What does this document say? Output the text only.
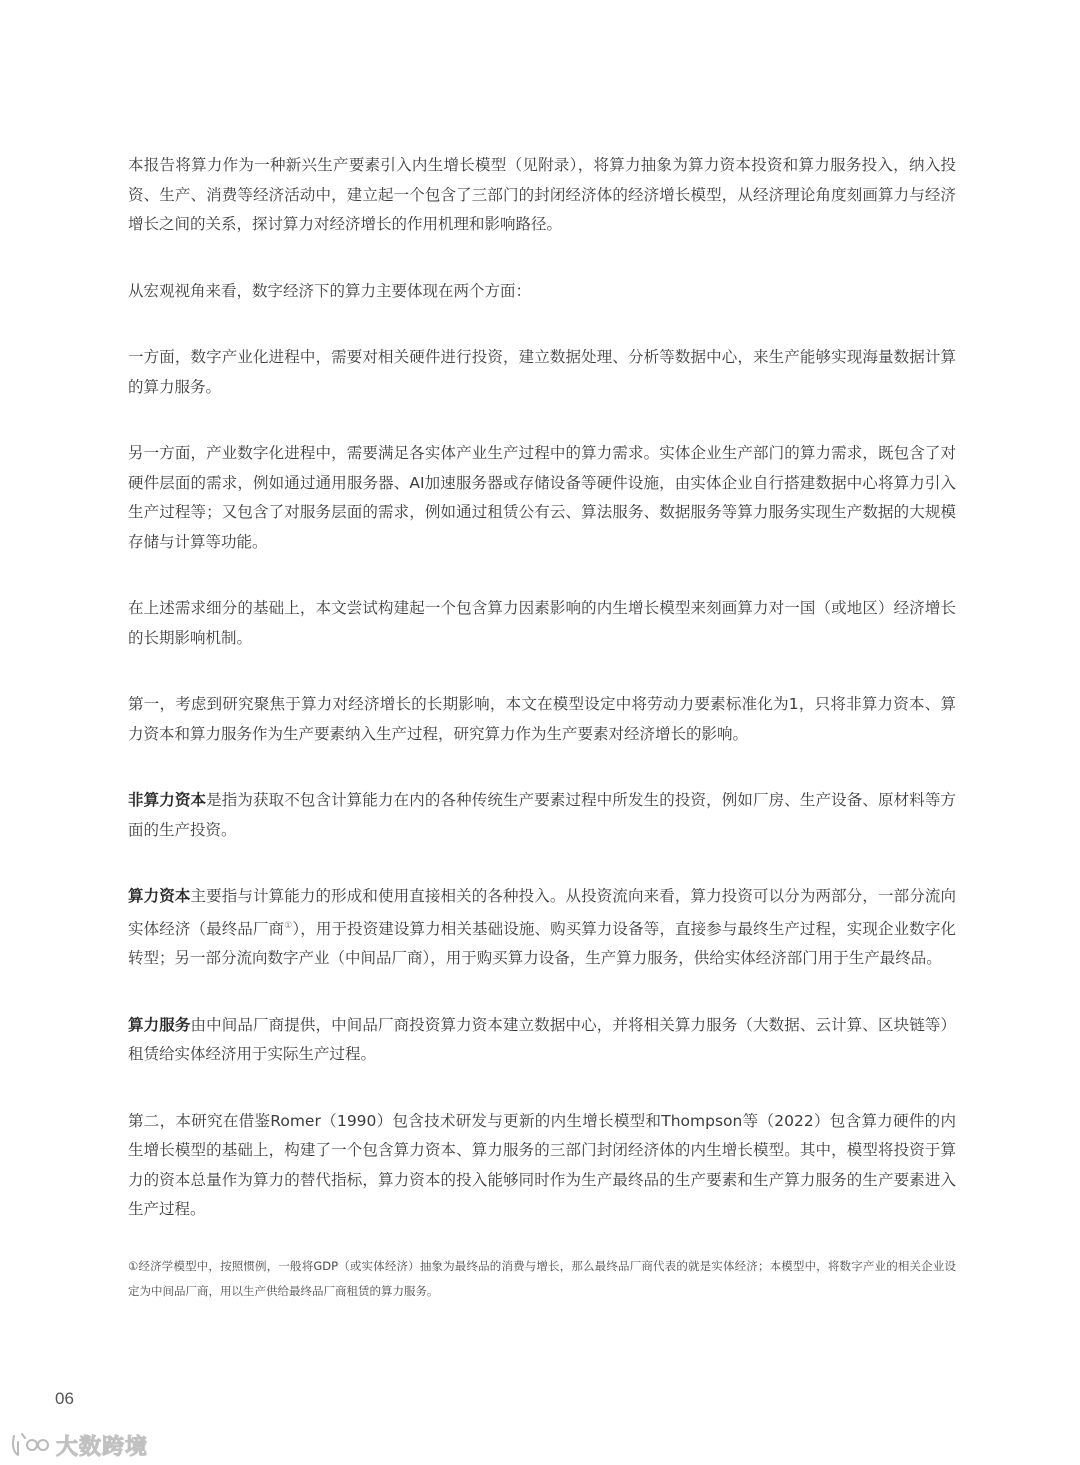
本报告将算力作为一种新兴生产要素引入内生增长模型（见附录），将算力抽象为算力资本投资和算力服务投入，纳入投资、生产、消费等经济活动中，建立起一个包含了三部门的封闭经济体的经济增长模型，从经济理论角度刻画算力与经济增长之间的关系，探讨算力对经济增长的作用机理和影响路径。

从宏观视角来看，数字经济下的算力主要体现在两个方面：

一方面，数字产业化进程中，需要对相关硬件进行投资，建立数据处理、分析等数据中心，来生产能够实现海量数据计算的算力服务。

另一方面，产业数字化进程中，需要满足各实体产业生产过程中的算力需求。实体企业生产部门的算力需求，既包含了对硬件层面的需求，例如通过通用服务器、AI加速服务器或存储设备等硬件设施，由实体企业自行搭建数据中心将算力引入生产过程等；又包含了对服务层面的需求，例如通过租赁公有云、算法服务、数据服务等算力服务实现生产数据的大规模存储与计算等功能。

在上述需求细分的基础上，本文尝试构建起一个包含算力因素影响的内生增长模型来刻画算力对一国（或地区）经济增长的长期影响机制。

第一，考虑到研究聚焦于算力对经济增长的长期影响，本文在模型设定中将劳动力要素标准化为1，只将非算力资本、算力资本和算力服务作为生产要素纳入生产过程，研究算力作为生产要素对经济增长的影响。

非算力资本是指为获取不包含计算能力在内的各种传统生产要素过程中所发生的投资，例如厂房、生产设备、原材料等方面的生产投资。

算力资本主要指与计算能力的形成和使用直接相关的各种投入。从投资流向来看，算力投资可以分为两部分，一部分流向实体经济（最终品厂商①），用于投资建设算力相关基础设施、购买算力设备等，直接参与最终生产过程，实现企业数字化转型；另一部分流向数字产业（中间品厂商），用于购买算力设备，生产算力服务，供给实体经济部门用于生产最终品。

算力服务由中间品厂商提供，中间品厂商投资算力资本建立数据中心，并将相关算力服务（大数据、云计算、区块链等）租赁给实体经济用于实际生产过程。

第二，本研究在借鉴Romer（1990）包含技术研发与更新的内生增长模型和Thompson等（2022）包含算力硬件的内生增长模型的基础上，构建了一个包含算力资本、算力服务的三部门封闭经济体的内生增长模型。其中，模型将投资于算力的资本总量作为算力的替代指标，算力资本的投入能够同时作为生产最终品的生产要素和生产算力服务的生产要素进入生产过程。

①经济学模型中，按照惯例，一般将GDP（或实体经济）抽象为最终品的消费与增长，那么最终品厂商代表的就是实体经济；本模型中，将数字产业的相关企业设定为中间品厂商，用以生产供给最终品厂商租赁的算力服务。
06
大数跨境
